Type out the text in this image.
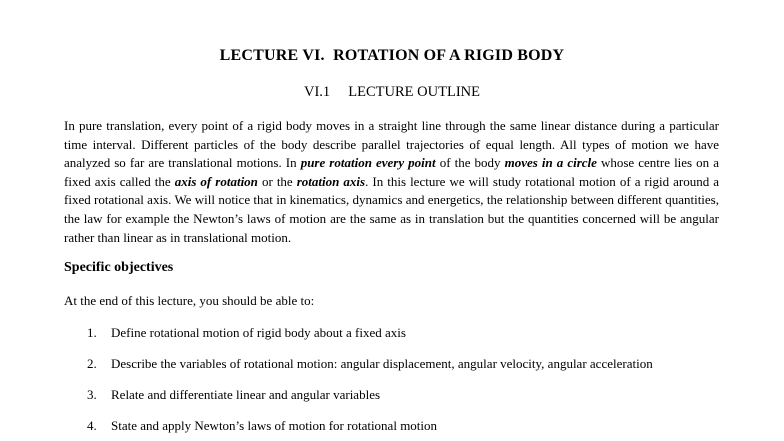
LECTURE VI.  ROTATION OF A RIGID BODY
VI.1     LECTURE OUTLINE

In pure translation, every point of a rigid body moves in a straight line through the same linear distance during a particular time interval. Different particles of the body describe parallel trajectories of equal length. All types of motion we have analyzed so far are translational motions. In pure rotation every point of the body moves in a circle whose centre lies on a fixed axis called the axis of rotation or the rotation axis. In this lecture we will study rotational motion of a rigid around a fixed rotational axis. We will notice that in kinematics, dynamics and energetics, the relationship between different quantities, the law for example the Newton’s laws of motion are the same as in translation but the quantities concerned will be angular rather than linear as in translational motion.

Specific objectives

At the end of this lecture, you should be able to:

1. Define rotational motion of rigid body about a fixed axis
2. Describe the variables of rotational motion: angular displacement, angular velocity, angular acceleration
3. Relate and differentiate linear and angular variables
4. State and apply Newton’s laws of motion for rotational motion
